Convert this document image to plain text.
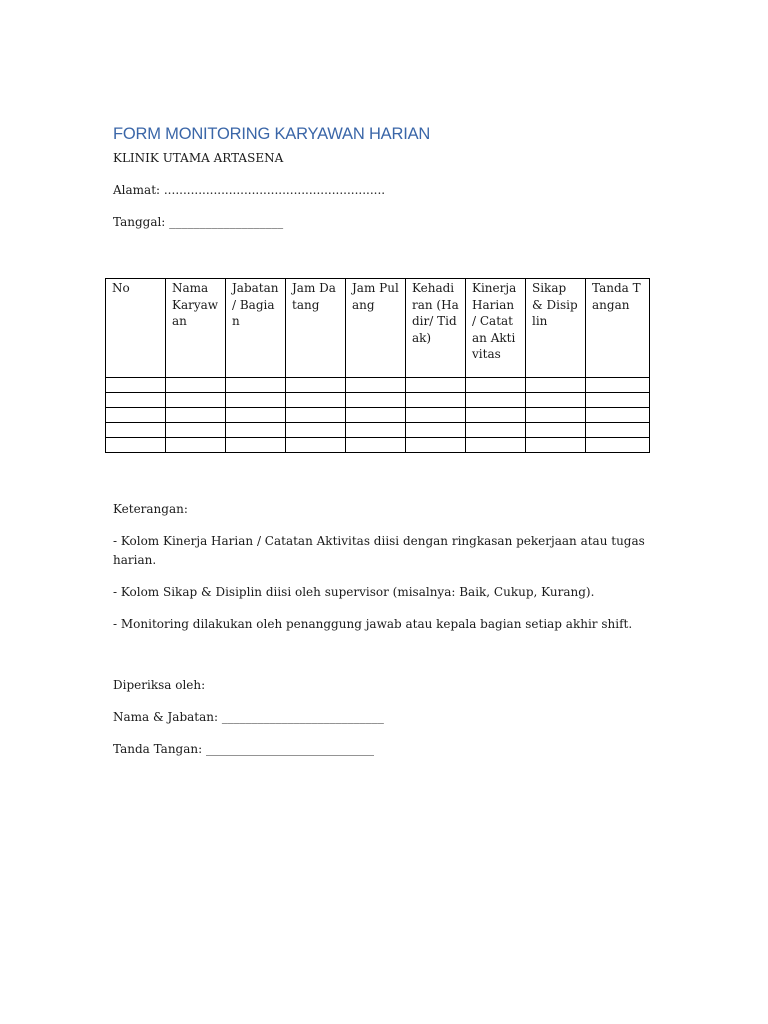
FORM MONITORING KARYAWAN HARIAN
KLINIK UTAMA ARTASENA
Alamat: ..........................................................
Tanggal: ___________________
No	Nama Karyawan	Jabatan / Bagian	Jam Datang	Jam Pulang	Kehadiran (Hadir/ Tidak)	Kinerja Harian / Catatan Aktivitas	Sikap & Disiplin	Tanda Tangan

Keterangan:

- Kolom Kinerja Harian / Catatan Aktivitas diisi dengan ringkasan pekerjaan atau tugas harian.

- Kolom Sikap & Disiplin diisi oleh supervisor (misalnya: Baik, Cukup, Kurang).

- Monitoring dilakukan oleh penanggung jawab atau kepala bagian setiap akhir shift.

Diperiksa oleh:
Nama & Jabatan: ___________________________
Tanda Tangan: ____________________________
